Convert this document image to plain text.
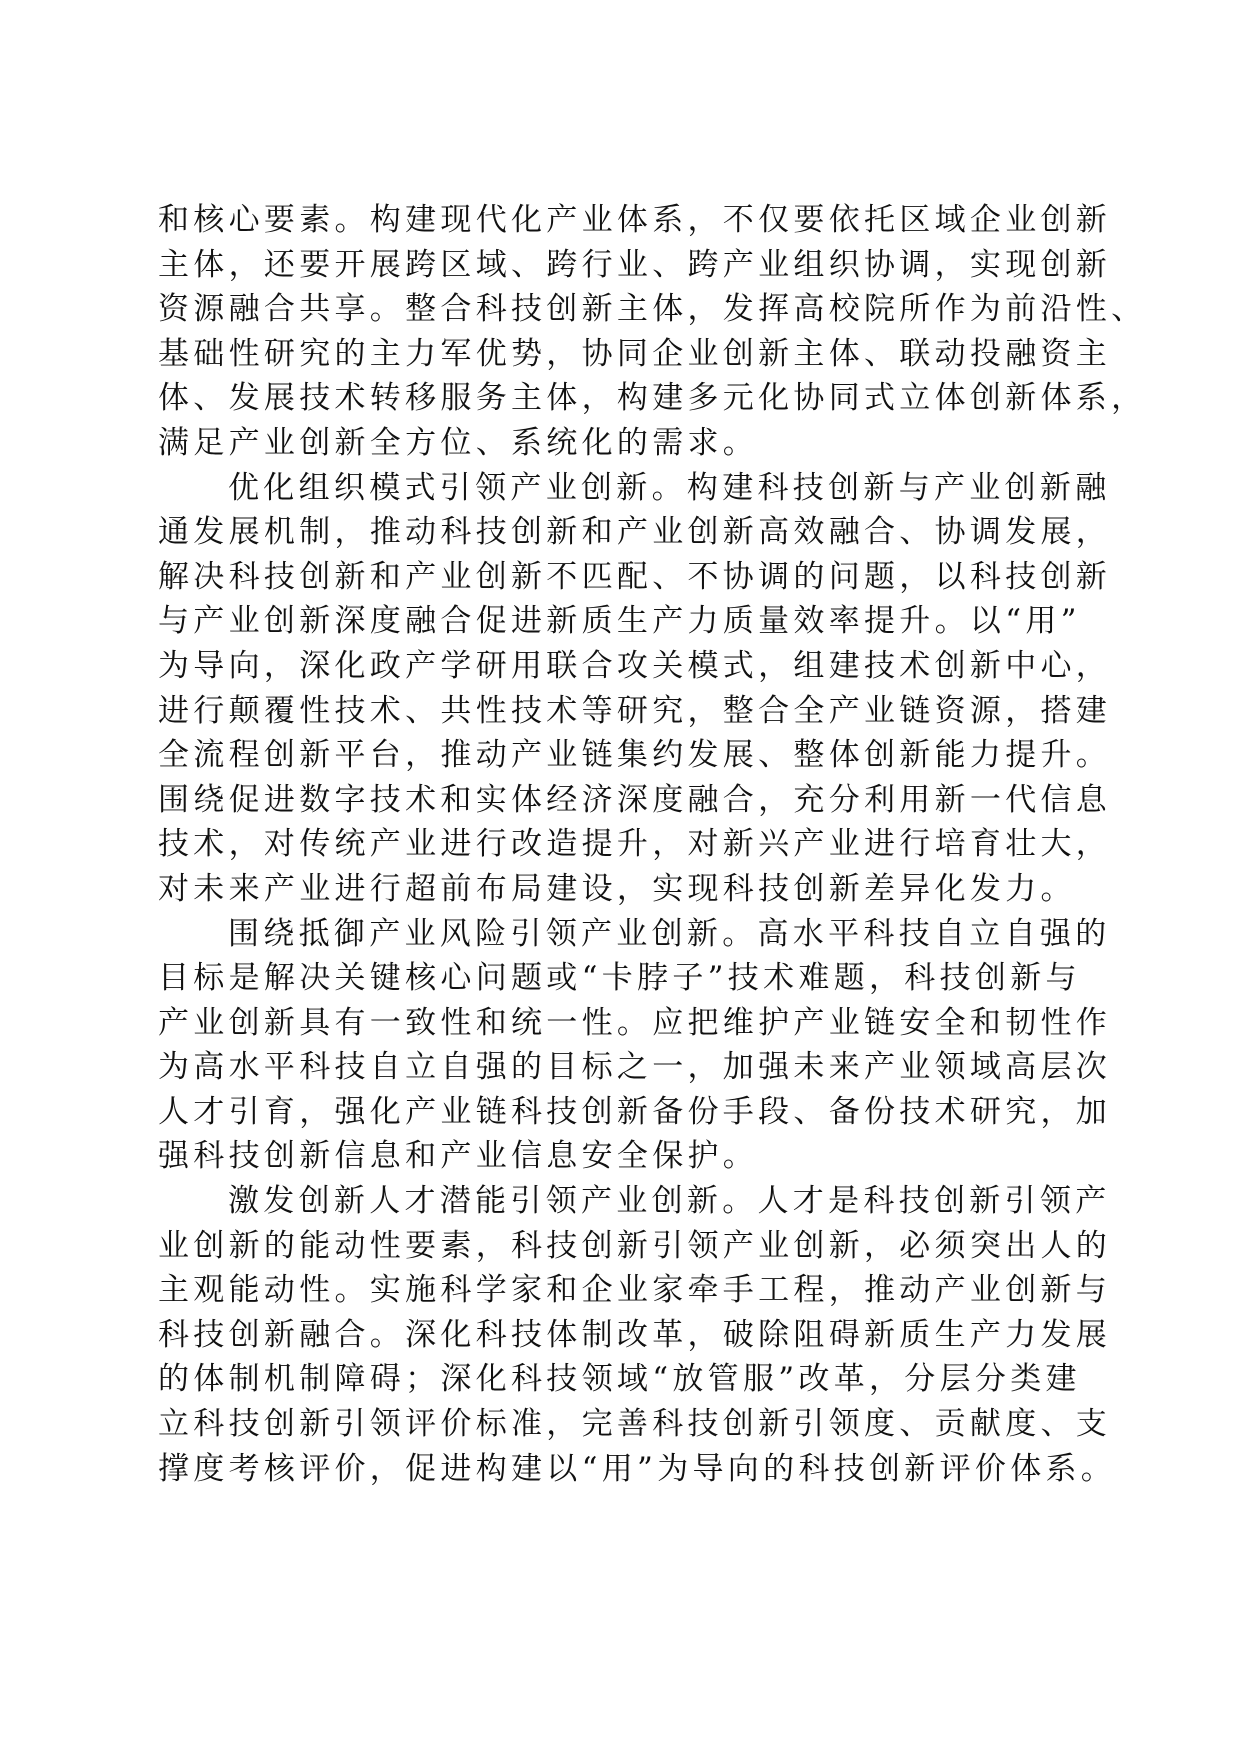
和核心要素。构建现代化产业体系，不仅要依托区域企业创新
主体，还要开展跨区域、跨行业、跨产业组织协调，实现创新
资源融合共享。整合科技创新主体，发挥高校院所作为前沿性、
基础性研究的主力军优势，协同企业创新主体、联动投融资主
体、发展技术转移服务主体，构建多元化协同式立体创新体系，
满足产业创新全方位、系统化的需求。
优化组织模式引领产业创新。构建科技创新与产业创新融
通发展机制，推动科技创新和产业创新高效融合、协调发展，
解决科技创新和产业创新不匹配、不协调的问题，以科技创新
与产业创新深度融合促进新质生产力质量效率提升。以“用”
为导向，深化政产学研用联合攻关模式，组建技术创新中心，
进行颠覆性技术、共性技术等研究，整合全产业链资源，搭建
全流程创新平台，推动产业链集约发展、整体创新能力提升。
围绕促进数字技术和实体经济深度融合，充分利用新一代信息
技术，对传统产业进行改造提升，对新兴产业进行培育壮大，
对未来产业进行超前布局建设，实现科技创新差异化发力。
围绕抵御产业风险引领产业创新。高水平科技自立自强的
目标是解决关键核心问题或“卡脖子”技术难题，科技创新与
产业创新具有一致性和统一性。应把维护产业链安全和韧性作
为高水平科技自立自强的目标之一，加强未来产业领域高层次
人才引育，强化产业链科技创新备份手段、备份技术研究，加
强科技创新信息和产业信息安全保护。
激发创新人才潜能引领产业创新。人才是科技创新引领产
业创新的能动性要素，科技创新引领产业创新，必须突出人的
主观能动性。实施科学家和企业家牵手工程，推动产业创新与
科技创新融合。深化科技体制改革，破除阻碍新质生产力发展
的体制机制障碍；深化科技领域“放管服”改革，分层分类建
立科技创新引领评价标准，完善科技创新引领度、贡献度、支
撑度考核评价，促进构建以“用”为导向的科技创新评价体系。
